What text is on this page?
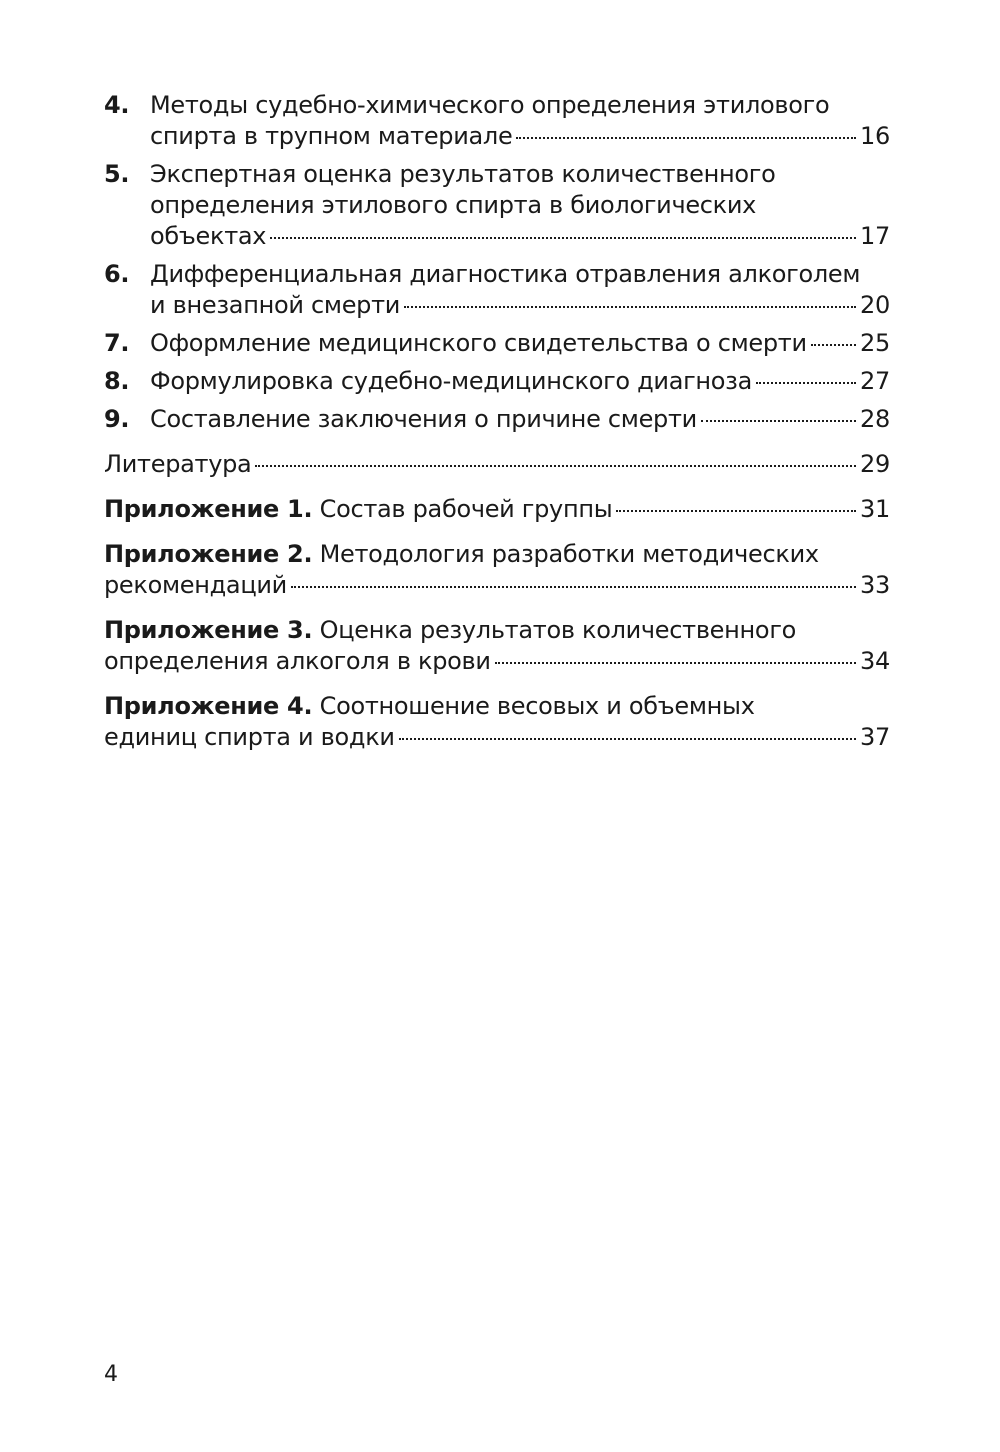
4. Методы судебно-химического определения этилового
спирта в трупном материале	16
5. Экспертная оценка результатов количественного
определения этилового спирта в биологических
объектах	17
6. Дифференциальная диагностика отравления алкоголем
и внезапной смерти	20
7. Оформление медицинского свидетельства о смерти 25
8. Формулировка судебно-медицинского диагноза	27
9. Составление заключения о причине смерти	28
Литература	29
Приложение 1. Состав рабочей группы	31
Приложение 2. Методология разработки методических
рекомендаций	33
Приложение 3. Оценка результатов количественного
определения алкоголя в крови	34
Приложение 4. Соотношение весовых и объемных
единиц спирта и водки	37
4
